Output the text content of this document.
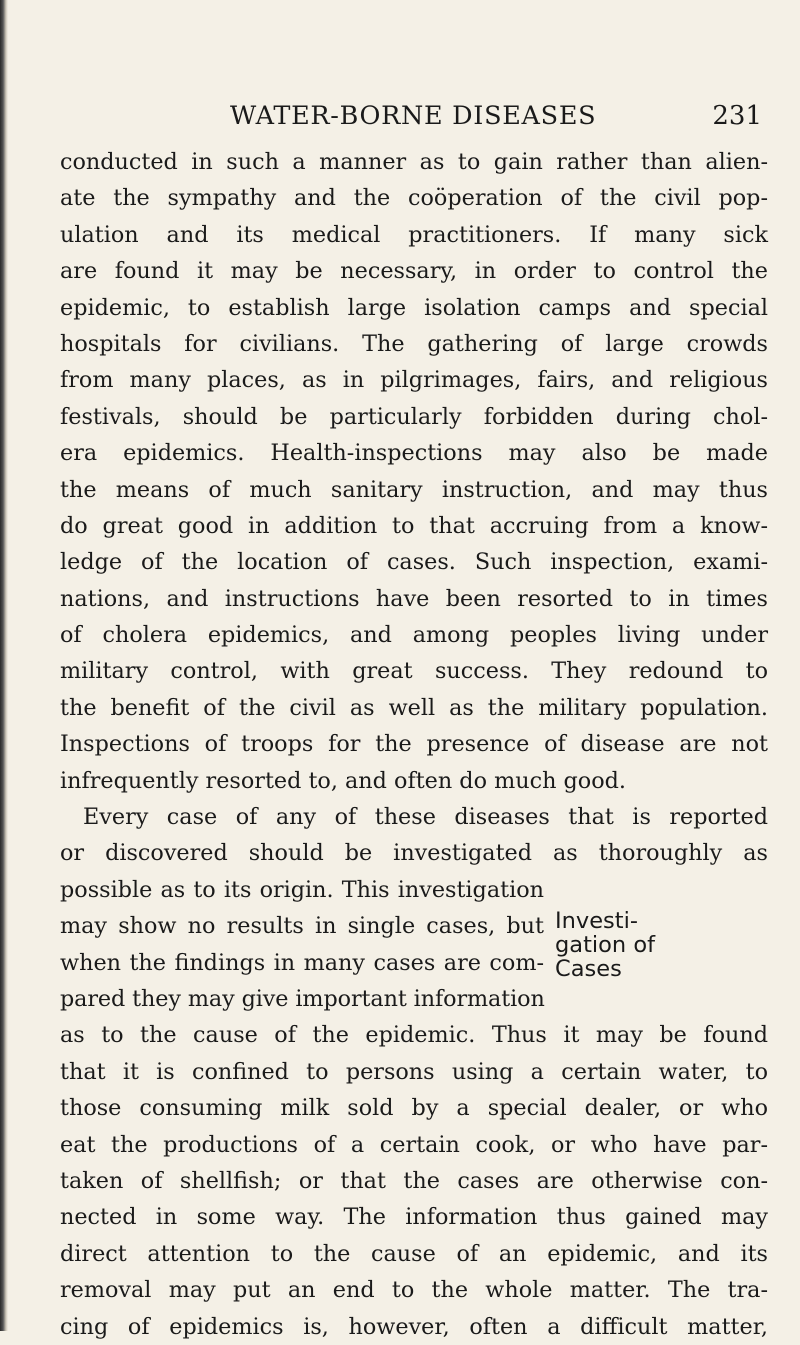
WATER-BORNE DISEASES	231
conducted in such a manner as to gain rather than alien-
ate the sympathy and the coöperation of the civil pop-
ulation and its medical practitioners. If many sick
are found it may be necessary, in order to control the
epidemic, to establish large isolation camps and special
hospitals for civilians. The gathering of large crowds
from many places, as in pilgrimages, fairs, and religious
festivals, should be particularly forbidden during chol-
era epidemics. Health-inspections may also be made
the means of much sanitary instruction, and may thus
do great good in addition to that accruing from a know-
ledge of the location of cases. Such inspection, exami-
nations, and instructions have been resorted to in times
of cholera epidemics, and among peoples living under
military control, with great success. They redound to
the benefit of the civil as well as the military population.
Inspections of troops for the presence of disease are not
infrequently resorted to, and often do much good.
Every case of any of these diseases that is reported
or discovered should be investigated as thoroughly as
possible as to its origin. This investigation
may show no results in single cases, but
when the findings in many cases are com-
pared they may give important information
as to the cause of the epidemic. Thus it may be found
that it is confined to persons using a certain water, to
those consuming milk sold by a special dealer, or who
eat the productions of a certain cook, or who have par-
taken of shellfish; or that the cases are otherwise con-
nected in some way. The information thus gained may
direct attention to the cause of an epidemic, and its
removal may put an end to the whole matter. The tra-
cing of epidemics is, however, often a difficult matter,
Investi-
gation of
Cases
